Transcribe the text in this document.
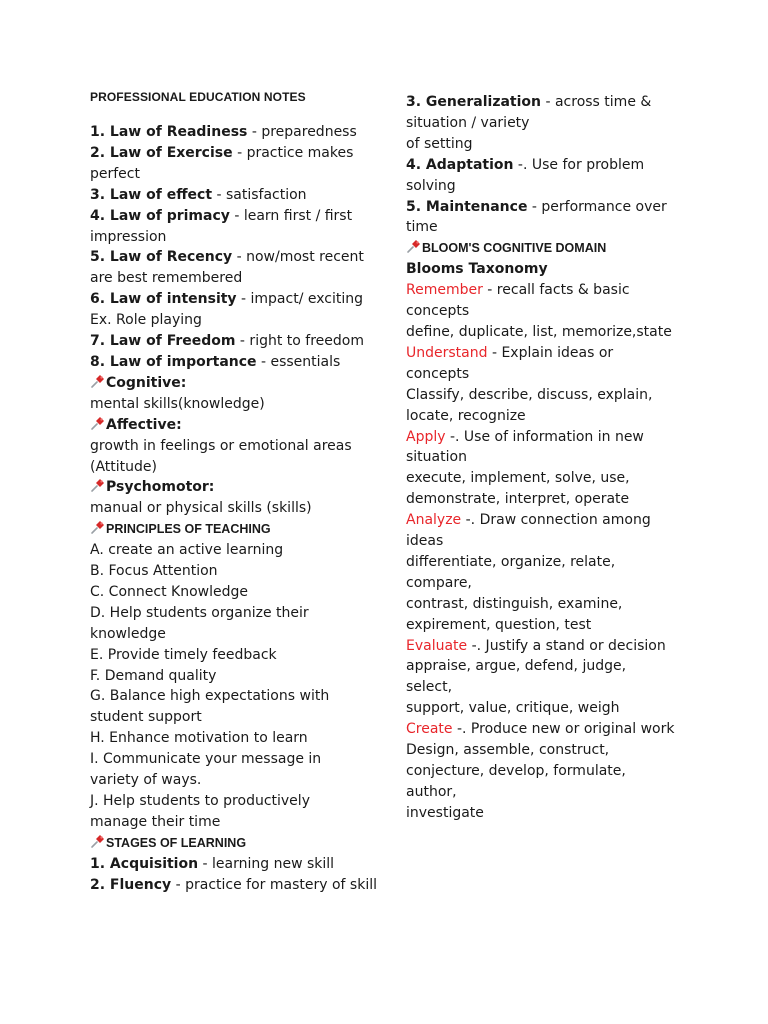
PROFESSIONAL EDUCATION NOTES
1. Law of Readiness - preparedness
2. Law of Exercise - practice makes
perfect
3. Law of effect - satisfaction
4. Law of primacy - learn first / first
impression
5. Law of Recency - now/most recent
are best remembered
6. Law of intensity - impact/ exciting
Ex. Role playing
7. Law of Freedom - right to freedom
8. Law of importance - essentials
Cognitive:
mental skills(knowledge)
Affective:
growth in feelings or emotional areas
(Attitude)
Psychomotor:
manual or physical skills (skills)
PRINCIPLES OF TEACHING
A. create an active learning
B. Focus Attention
C. Connect Knowledge
D. Help students organize their
knowledge
E. Provide timely feedback
F. Demand quality
G. Balance high expectations with
student support
H. Enhance motivation to learn
I. Communicate your message in
variety of ways.
J. Help students to productively
manage their time
STAGES OF LEARNING
1. Acquisition - learning new skill
2. Fluency - practice for mastery of skill
3. Generalization - across time &
situation / variety
of setting
4. Adaptation -. Use for problem
solving
5. Maintenance - performance over
time
BLOOM'S COGNITIVE DOMAIN
Blooms Taxonomy
Remember - recall facts & basic
concepts
define, duplicate, list, memorize,state
Understand - Explain ideas or
concepts
Classify, describe, discuss, explain,
locate, recognize
Apply -. Use of information in new
situation
execute, implement, solve, use,
demonstrate, interpret, operate
Analyze -. Draw connection among
ideas
differentiate, organize, relate,
compare,
contrast, distinguish, examine,
expirement, question, test
Evaluate -. Justify a stand or decision
appraise, argue, defend, judge,
select,
support, value, critique, weigh
Create -. Produce new or original work
Design, assemble, construct,
conjecture, develop, formulate,
author,
investigate
